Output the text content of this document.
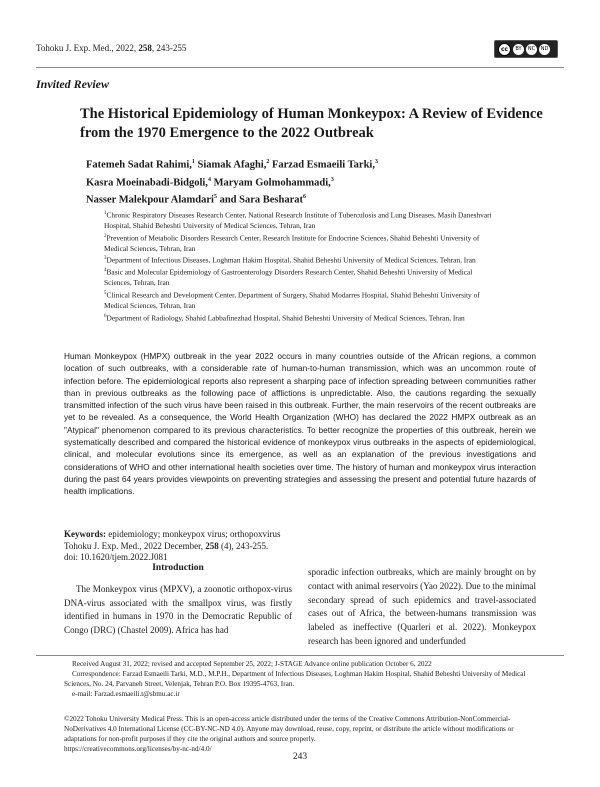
Tohoku J. Exp. Med., 2022, 258, 243-255	cc	BY	NC	ND
Invited Review
The Historical Epidemiology of Human Monkeypox: A Review of Evidence from the 1970 Emergence to the 2022 Outbreak
Fatemeh Sadat Rahimi,$^1$ Siamak Afaghi,$^2$ Farzad Esmaeili Tarki,$^3$
Kasra Moeinabadi-Bidgoli,$^4$ Maryam Golmohammadi,$^3$
Nasser Malekpour Alamdari$^5$ and Sara Besharat$^6$
$^1$Chronic Respiratory Diseases Research Center, National Research Institute of Tuberculosis and Lung Diseases, Masih Daneshvari Hospital, Shahid Beheshti University of Medical Sciences, Tehran, Iran
$^2$Prevention of Metabolic Disorders Research Center, Research Institute for Endocrine Sciences, Shahid Beheshti University of Medical Sciences, Tehran, Iran
$^3$Department of Infectious Diseases, Loghman Hakim Hospital, Shahid Beheshti University of Medical Sciences, Tehran, Iran
$^4$Basic and Molecular Epidemiology of Gastroenterology Disorders Research Center, Shahid Beheshti University of Medical Sciences, Tehran, Iran
$^5$Clinical Research and Development Center, Department of Surgery, Shahid Modarres Hospital, Shahid Beheshti University of Medical Sciences, Tehran, Iran
$^6$Department of Radiology, Shahid Labbafinezhad Hospital, Shahid Beheshti University of Medical Sciences, Tehran, Iran
Human Monkeypox (HMPX) outbreak in the year 2022 occurs in many countries outside of the African regions, a common location of such outbreaks, with a considerable rate of human-to-human transmission, which was an uncommon route of infection before. The epidemiological reports also represent a sharping pace of infection spreading between communities rather than in previous outbreaks as the following pace of afflictions is unpredictable. Also, the cautions regarding the sexually transmitted infection of the such virus have been raised in this outbreak. Further, the main reservoirs of the recent outbreaks are yet to be revealed. As a consequence, the World Health Organization (WHO) has declared the 2022 HMPX outbreak as an "Atypical" phenomenon compared to its previous characteristics. To better recognize the properties of this outbreak, herein we systematically described and compared the historical evidence of monkeypox virus outbreaks in the aspects of epidemiological, clinical, and molecular evolutions since its emergence, as well as an explanation of the previous investigations and considerations of WHO and other international health societies over time. The history of human and monkeypox virus interaction during the past 64 years provides viewpoints on preventing strategies and assessing the present and potential future hazards of health implications.
Keywords: epidemiology; monkeypox virus; orthopoxvirus
Tohoku J. Exp. Med., 2022 December, 258 (4), 243-255.
doi: 10.1620/tjem.2022.J081
Introduction

The Monkeypox virus (MPXV), a zoonotic orthopox-virus DNA-virus associated with the smallpox virus, was firstly identified in humans in 1970 in the Democratic Republic of Congo (DRC) (Chastel 2009). Africa has had

sporadic infection outbreaks, which are mainly brought on by contact with animal reservoirs (Yao 2022). Due to the minimal secondary spread of such epidemics and travel-associated cases out of Africa, the between-humans transmission was labeled as ineffective (Quarleri et al. 2022). Monkeypox research has been ignored and underfunded

Received August 31, 2022; revised and accepted September 25, 2022; J-STAGE Advance online publication October 6, 2022
Correspondence: Farzad Esmaeili Tarki, M.D., M.P.H., Department of Infectious Diseases, Loghman Hakim Hospital, Shahid Beheshti University of Medical Sciences, No. 24, Parvaneh Street, Velenjak, Tehran P.O. Box 19395-4763, Iran.
e-mail: Farzad.esmaeili.t@sbmu.ac.ir
©2022 Tohoku University Medical Press. This is an open-access article distributed under the terms of the Creative Commons Attribution-NonCommercial-NoDerivatives 4.0 International License (CC-BY-NC-ND 4.0). Anyone may download, reuse, copy, reprint, or distribute the article without modifications or adaptations for non-profit purposes if they cite the original authors and source properly.
https://creativecommons.org/licenses/by-nc-nd/4.0/
243
